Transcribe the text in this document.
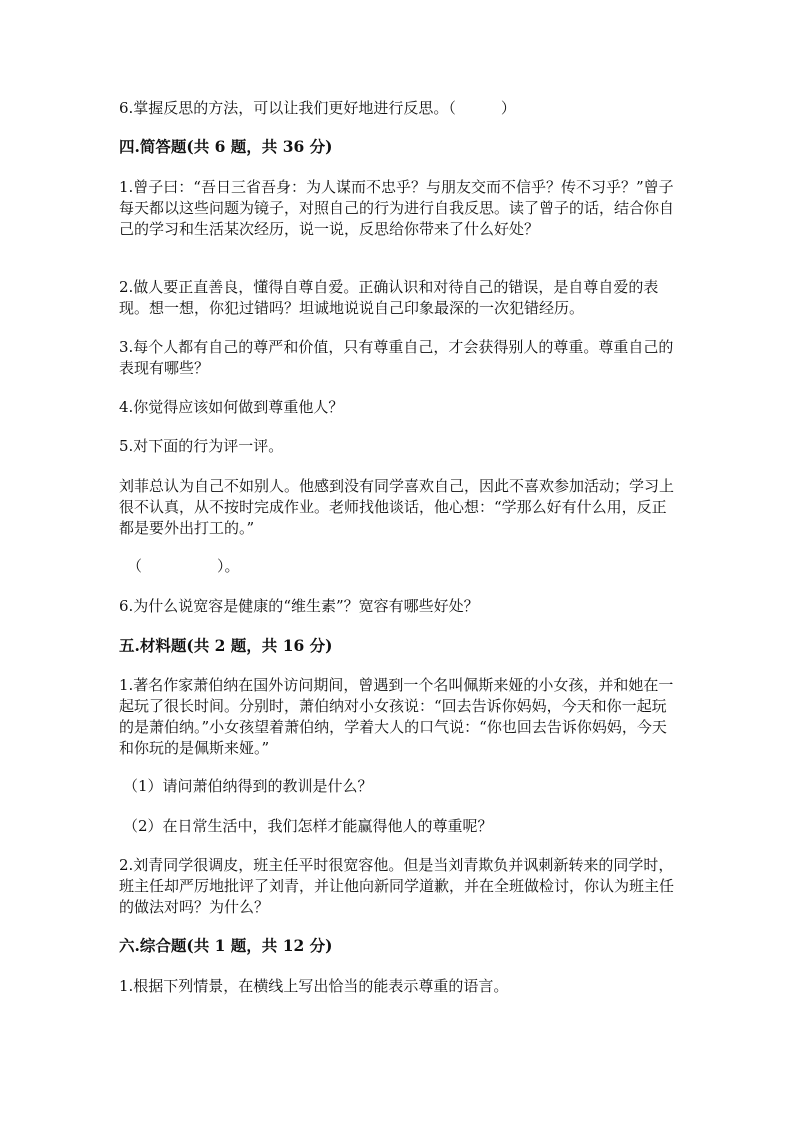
6.掌握反思的方法，可以让我们更好地进行反思。（　　　）

四.简答题(共 6 题，共 36 分)

1.曾子曰：“吾日三省吾身：为人谋而不忠乎？与朋友交而不信乎？传不习乎？”曾子每天都以这些问题为镜子，对照自己的行为进行自我反思。读了曾子的话，结合你自己的学习和生活某次经历，说一说，反思给你带来了什么好处？

2.做人要正直善良，懂得自尊自爱。正确认识和对待自己的错误，是自尊自爱的表现。想一想，你犯过错吗？坦诚地说说自己印象最深的一次犯错经历。

3.每个人都有自己的尊严和价值，只有尊重自己，才会获得别人的尊重。尊重自己的表现有哪些？

4.你觉得应该如何做到尊重他人？

5.对下面的行为评一评。

刘菲总认为自己不如别人。他感到没有同学喜欢自己，因此不喜欢参加活动；学习上很不认真，从不按时完成作业。老师找他谈话，他心想：“学那么好有什么用，反正都是要外出打工的。”

（　　　　　）。

6.为什么说宽容是健康的“维生素”？宽容有哪些好处？

五.材料题(共 2 题，共 16 分)

1.著名作家萧伯纳在国外访问期间，曾遇到一个名叫佩斯来娅的小女孩，并和她在一起玩了很长时间。分别时，萧伯纳对小女孩说：“回去告诉你妈妈，今天和你一起玩的是萧伯纳。”小女孩望着萧伯纳，学着大人的口气说：“你也回去告诉你妈妈，今天和你玩的是佩斯来娅。”

（1）请问萧伯纳得到的教训是什么？

（2）在日常生活中，我们怎样才能赢得他人的尊重呢？

2.刘青同学很调皮，班主任平时很宽容他。但是当刘青欺负并讽刺新转来的同学时，班主任却严厉地批评了刘青，并让他向新同学道歉，并在全班做检讨，你认为班主任的做法对吗？为什么？

六.综合题(共 1 题，共 12 分)

1.根据下列情景，在横线上写出恰当的能表示尊重的语言。
